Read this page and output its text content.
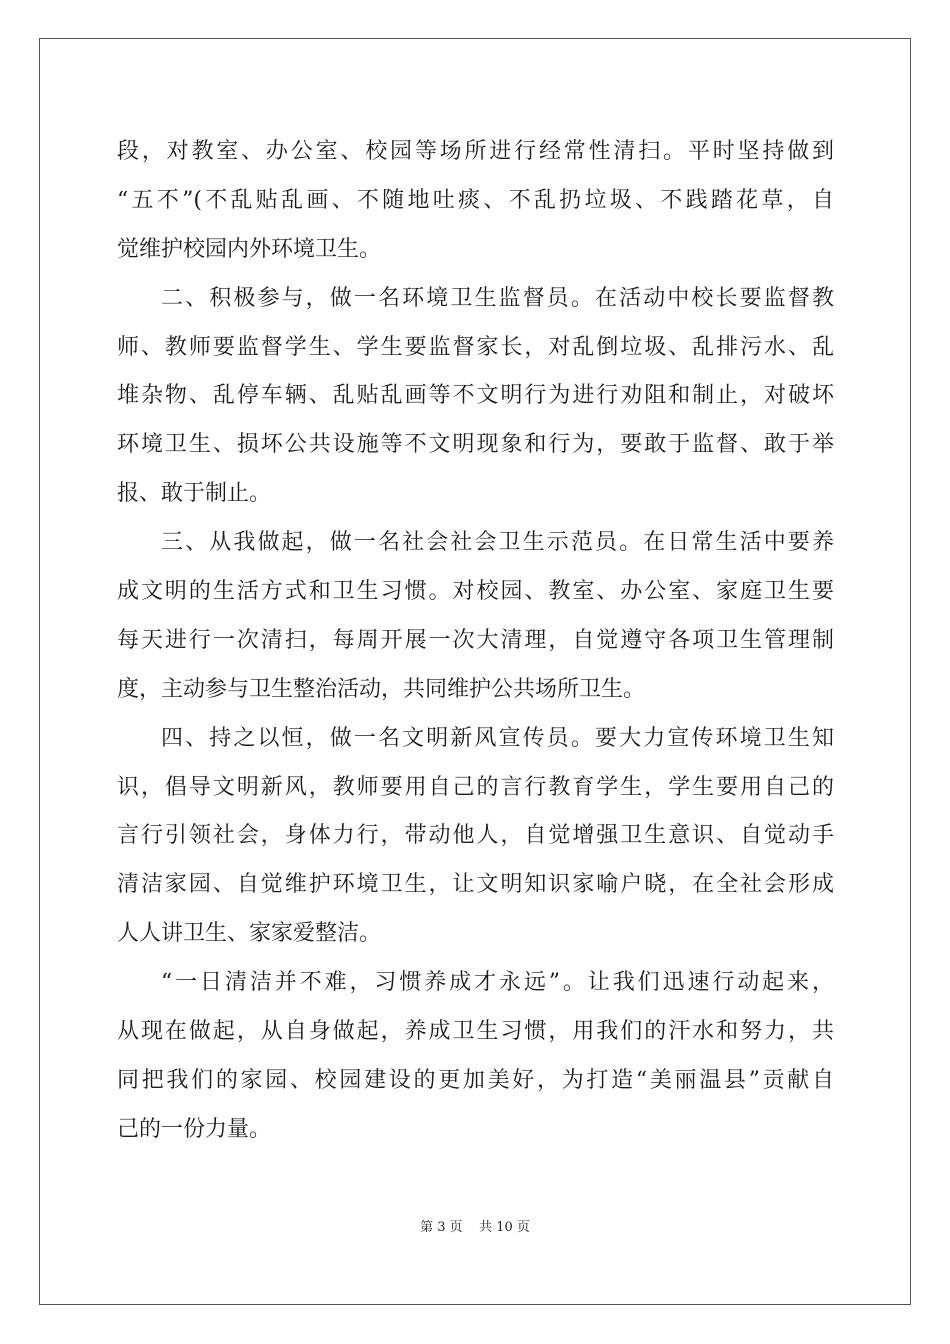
段，对教室、办公室、校园等场所进行经常性清扫。平时坚持做到
“五不”(不乱贴乱画、不随地吐痰、不乱扔垃圾、不践踏花草，自
觉维护校园内外环境卫生。
二、积极参与，做一名环境卫生监督员。在活动中校长要监督教
师、教师要监督学生、学生要监督家长，对乱倒垃圾、乱排污水、乱
堆杂物、乱停车辆、乱贴乱画等不文明行为进行劝阻和制止，对破坏
环境卫生、损坏公共设施等不文明现象和行为，要敢于监督、敢于举
报、敢于制止。
三、从我做起，做一名社会社会卫生示范员。在日常生活中要养
成文明的生活方式和卫生习惯。对校园、教室、办公室、家庭卫生要
每天进行一次清扫，每周开展一次大清理，自觉遵守各项卫生管理制
度，主动参与卫生整治活动，共同维护公共场所卫生。
四、持之以恒，做一名文明新风宣传员。要大力宣传环境卫生知
识，倡导文明新风，教师要用自己的言行教育学生，学生要用自己的
言行引领社会，身体力行，带动他人，自觉增强卫生意识、自觉动手
清洁家园、自觉维护环境卫生，让文明知识家喻户晓，在全社会形成
人人讲卫生、家家爱整洁。
“一日清洁并不难，习惯养成才永远”。让我们迅速行动起来，
从现在做起，从自身做起，养成卫生习惯，用我们的汗水和努力，共
同把我们的家园、校园建设的更加美好，为打造“美丽温县”贡献自
己的一份力量。
第 3 页    共 10 页
